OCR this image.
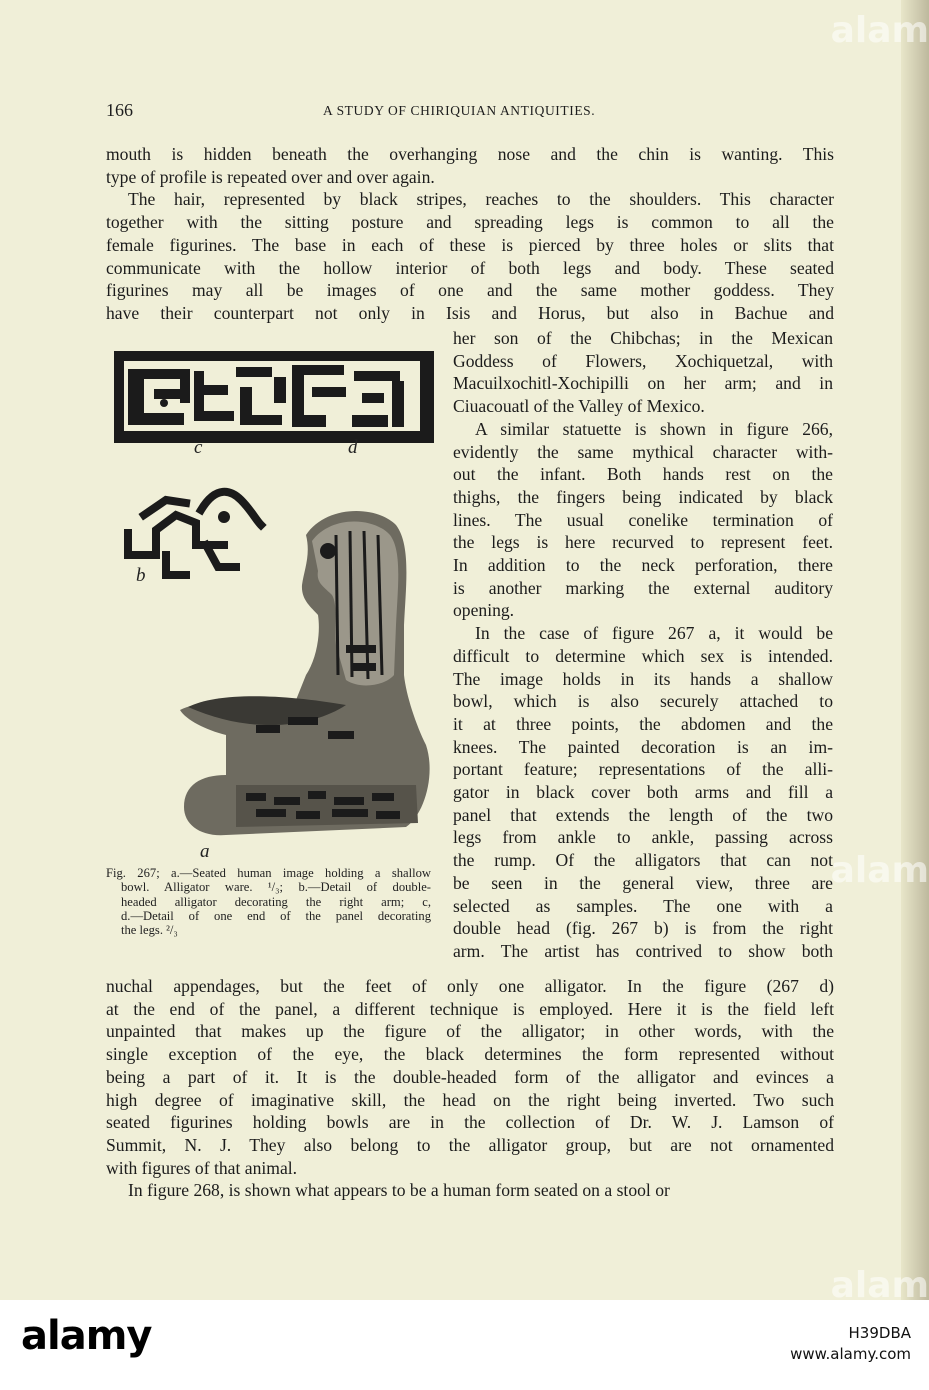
166	A STUDY OF CHIRIQUIAN ANTIQUITIES.
mouth is hidden beneath the overhanging nose and the chin is wanting. This
type of profile is repeated over and over again.
The hair, represented by black stripes, reaches to the shoulders. This character
together with the sitting posture and spreading legs is common to all the
female figurines. The base in each of these is pierced by three holes or slits that
communicate with the hollow interior of both legs and body. These seated
figurines may all be images of one and the same mother goddess. They
have their counterpart not only in Isis and Horus, but also in Bachue and
her son of the Chibchas; in the Mexican
Goddess of Flowers, Xochiquetzal, with
Macuilxochitl-Xochipilli on her arm; and in
Ciuacouatl of the Valley of Mexico.
A similar statuette is shown in figure 266,
evidently the same mythical character with-
out the infant. Both hands rest on the
thighs, the fingers being indicated by black
lines. The usual conelike termination of
the legs is here recurved to represent feet.
In addition to the neck perforation, there
is another marking the external auditory
opening.
In the case of figure 267 a, it would be
difficult to determine which sex is intended.
The image holds in its hands a shallow
bowl, which is also securely attached to
it at three points, the abdomen and the
knees. The painted decoration is an im-
portant feature; representations of the alli-
gator in black cover both arms and fill a
panel that extends the length of the two
legs from ankle to ankle, passing across
the rump. Of the alligators that can not
be seen in the general view, three are
selected as samples. The one with a
double head (fig. 267 b) is from the right
arm. The artist has contrived to show both
c	d
b
a
Fig. 267; a.—Seated human image holding a shallow
bowl. Alligator ware. ¹/₃; b.—Detail of double-
headed alligator decorating the right arm; c,
d.—Detail of one end of the panel decorating
the legs. ²/₃
nuchal appendages, but the feet of only one alligator. In the figure (267 d)
at the end of the panel, a different technique is employed. Here it is the field left
unpainted that makes up the figure of the alligator; in other words, with the
single exception of the eye, the black determines the form represented without
being a part of it. It is the double-headed form of the alligator and evinces a
high degree of imaginative skill, the head on the right being inverted. Two such
seated figurines holding bowls are in the collection of Dr. W. J. Lamson of
Summit, N. J. They also belong to the alligator group, but are not ornamented
with figures of that animal.
In figure 268, is shown what appears to be a human form seated on a stool or
alam
alam
alam
alamy	H39DBA
www.alamy.com
